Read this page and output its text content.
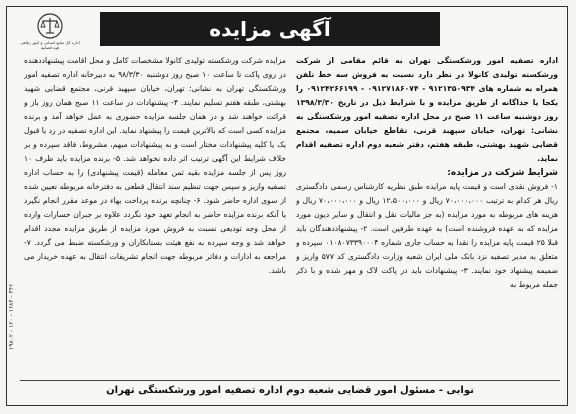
آگهی مزایده
اداره کل منابع انسانی و امور رفاهی قوه قضاییه

اداره تصفیه امور ورشکستگی تهران به قائم مقامی از شرکت ورشکسته تولیدی کانولا در نظر دارد نسبت به فروش سه خط تلفن همراه به شماره های ۹۱۲۱۳۵۰۹۳۴ - ۰۹۱۲۷۱۸۶۰۷۴ - ۰۹۱۲۴۲۶۶۱۹۹ را یکجا یا جداگانه از طریق مزایده و با شرایط ذیل در تاریخ ۱۳۹۸/۳/۳۰ روز دوشنبه ساعت ۱۱ صبح در محل اداره تصفیه امور ورشکستگی به نشانی: تهران، خیابان سپهبد قرنی، تقاطع خیابان سمیه، مجتمع قضایی شهید بهشتی، طبقه هفتم، دفتر شعبه دوم اداره تصفیه اقدام نماید.

شرایط شرکت در مزایده:

۱- فروش نقدی است و قیمت پایه مزایده طبق نظریه کارشناس رسمی دادگستری ریال هر کدام به ترتیب ۷۰،۰۰۰،۰۰۰ ریال و ۱۲،۵۰۰،۰۰۰ ریال و ۷۰،۰۰۰،۰۰۰ ریال و هزینه های مربوطه به مورد مزایده (به جز مالیات نقل و انتقال و سایر دیون مورد مزایده که به عهده فروشنده است) به عهده طرفین است. ۲- پیشنهاددهندگان باید قبلا ۲۵ قیمت پایه مزایده را نقدا به حساب جاری شماره ۰۱۰۸۰۷۳۳۹۰۰۰۴ سپرده و متعلق به مدیر تصفیه نزد بانک ملی ایران شعبه وزارت دادگستری کد ۵۷۷ واریز و ضمیمه پیشنهاد خود نمایند. ۳- پیشنهادات باید در پاکت لاک و مهر شده و با ذکر جمله مربوط به

مزایده شرکت ورشکسته تولیدی کانولا مشخصات کامل و محل اقامت پیشنهاددهنده در روی پاکت تا ساعت ۱۰ صبح روز دوشنبه ۹۸/۳/۳۰ به دبیرخانه اداره تصفیه امور ورشکستگی تهران به نشانی: تهران، خیابان سپهبد قرنی، مجتمع قضایی شهید بهشتی، طبقه هفتم تسلیم نمایند. ۴- پیشنهادات در ساعت ۱۱ صبح همان روز باز و قرائت خواهند شد و در همان جلسه مزایده حضوری به عمل خواهد آمد و برنده مزایده کسی است که بالاترین قیمت را پیشنهاد نماید. این اداره تصفیه در رد یا قبول یک یا کلیه پیشنهادات مختار است و به پیشنهادات مبهم، مشروط، فاقد سپرده و بر خلاف شرایط این آگهی ترتیب اثر داده نخواهد شد. ۵- برنده مزایده باید ظرف ۱۰ روز پس از جلسه مزایده بقیه ثمن معامله (قیمت پیشنهادی) را به حساب اداره تصفیه واریز و سپس جهت تنظیم سند انتقال قطعی به دفترخانه مربوطه تعیین شده از سوی اداره حاضر شود. ۶- چنانچه برنده پرداخت بهاء در موعد مقرر انجام نگیرد یا آنکه برنده مزایده حاضر به انجام تعهد خود نگردد علاوه بر جبران خسارات وارده از محل وجه تودیعی نسبت به فروش مورد مزایده از طریق مزایده مجدد اقدام خواهد شد و وجه سپرده به نفع هیئت بستانکاران و ورشکسته ضبط می گردد. ۷- مراجعه به ادارات و دفاتر مربوطه جهت انجام تشریفات انتقال به عهده خریدار می باشد.

۱۹۸۰۲ - ۱۲۰ - ۱۶۸۴ - ۴۴۶
نوابی - مسئول امور قضایی شعبه دوم اداره تصفیه امور ورشکستگی تهران
